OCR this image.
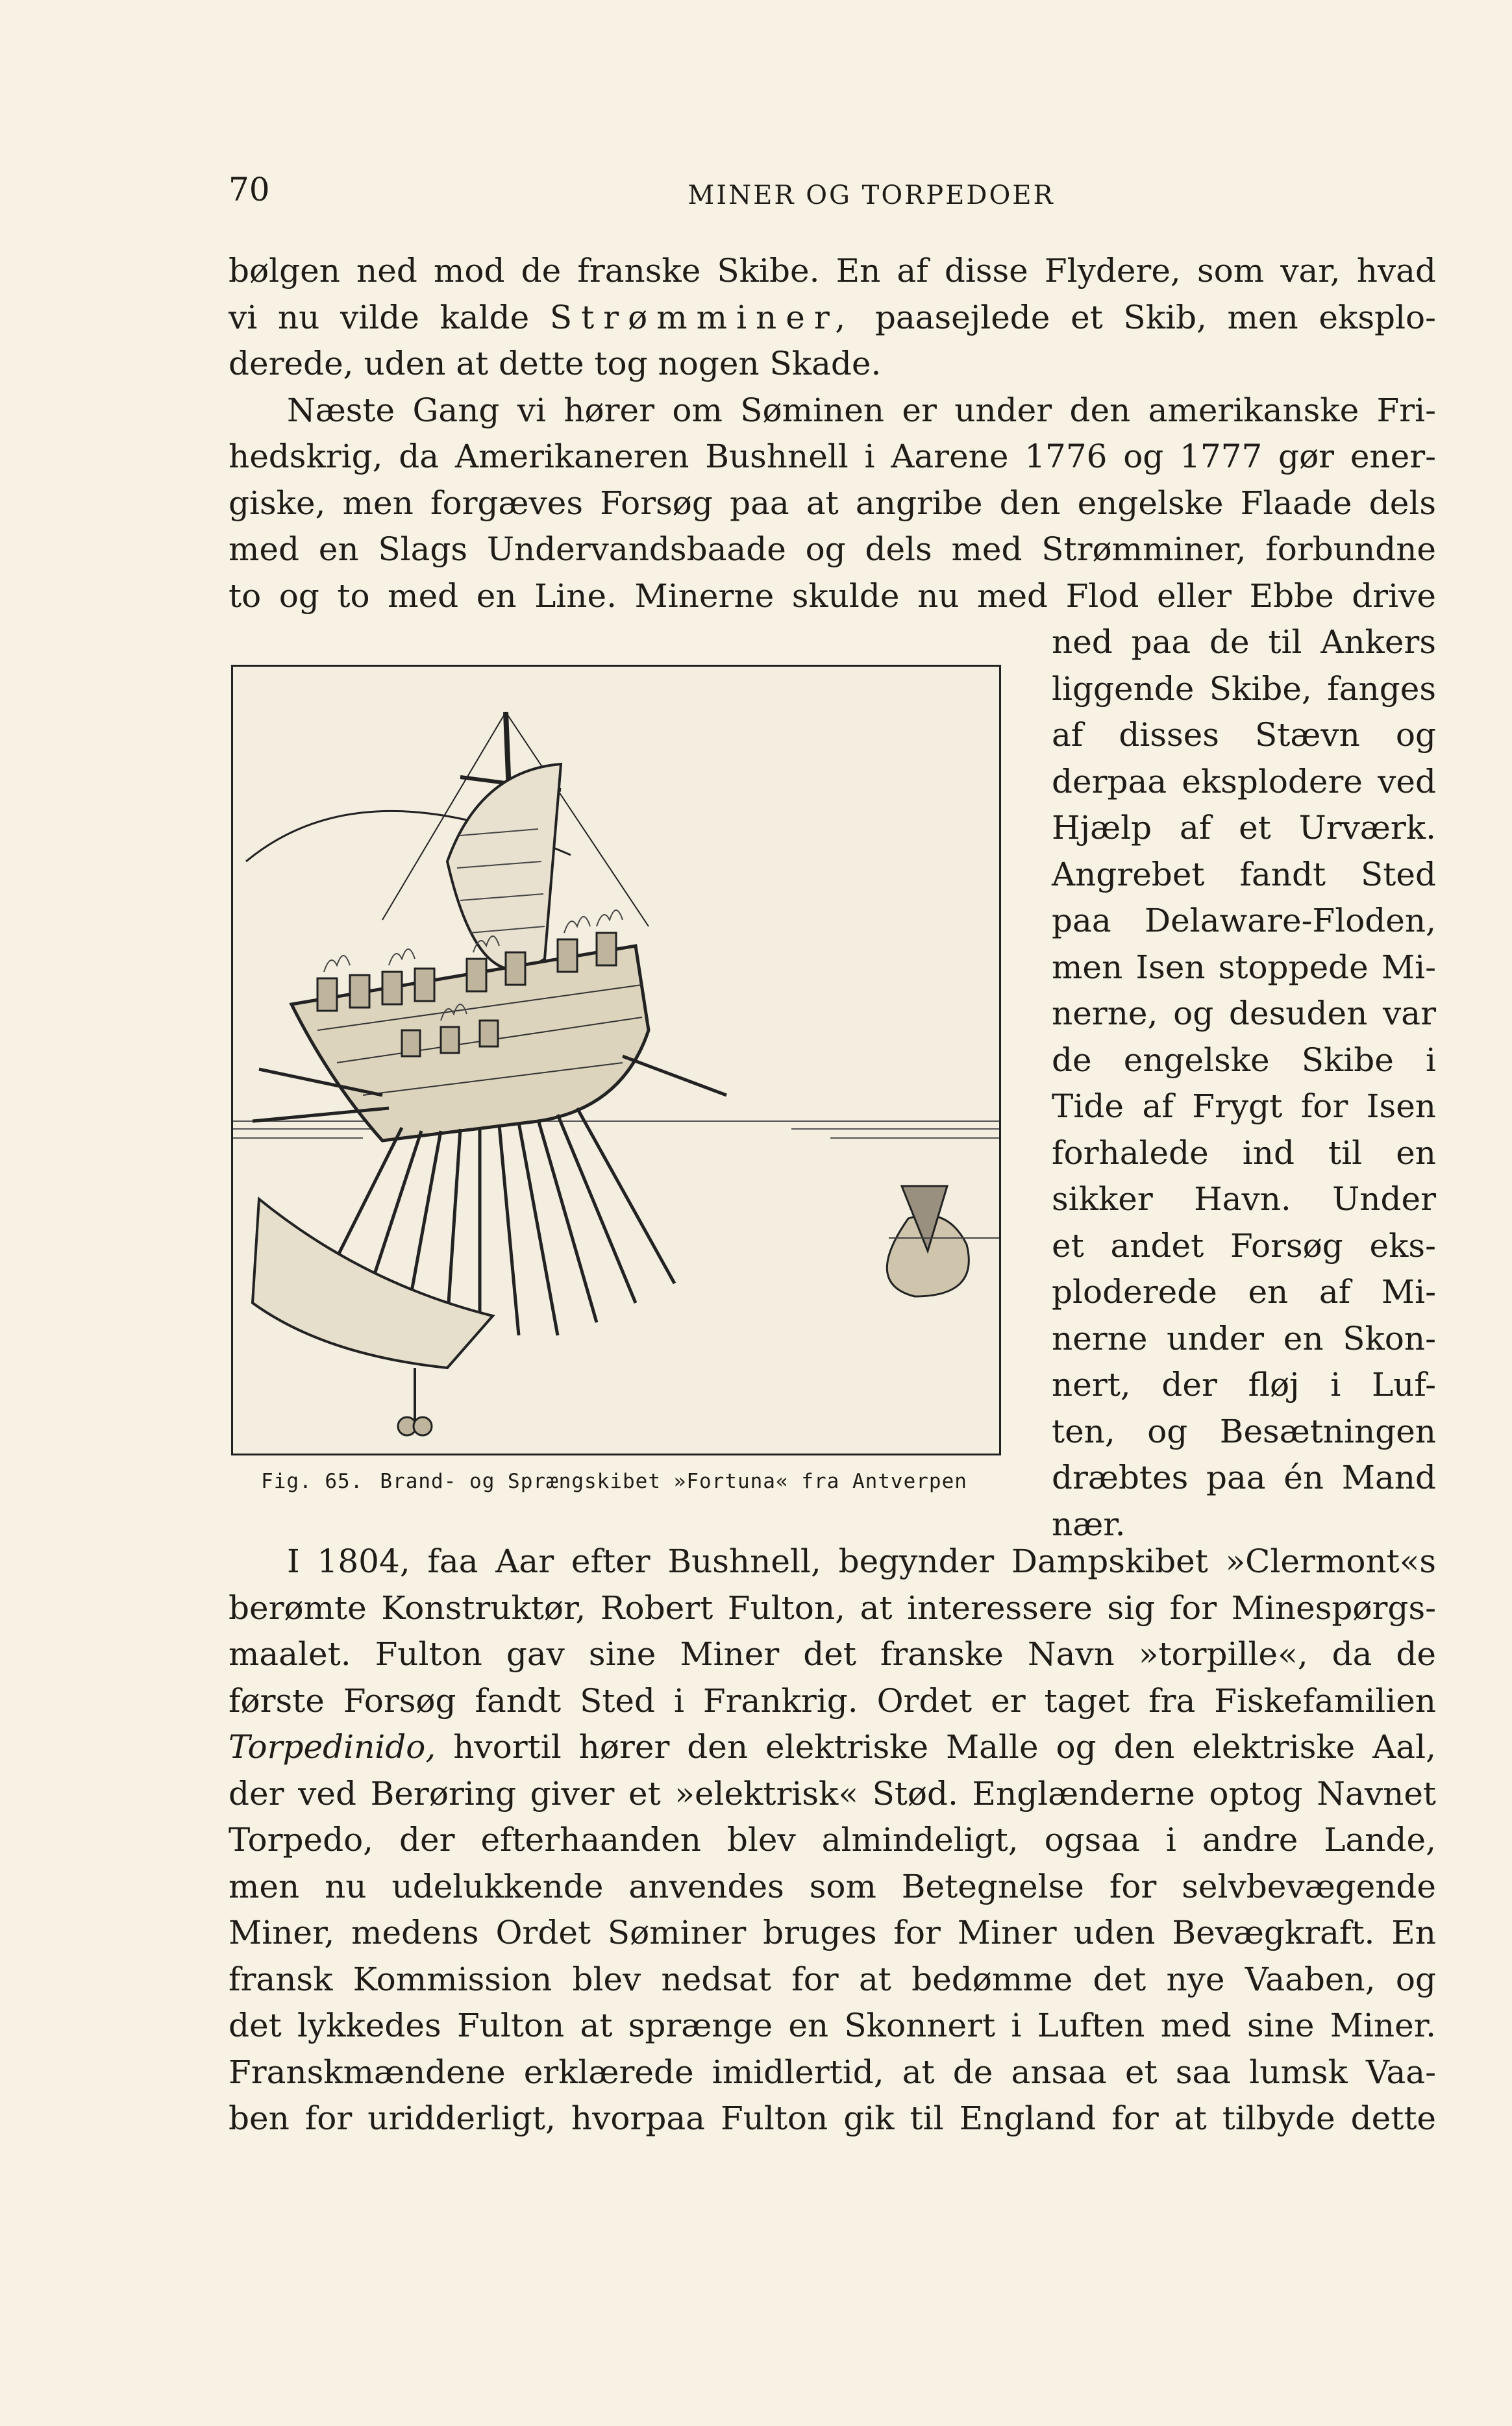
70	MINER OG TORPEDOER
bølgen ned mod de franske Skibe. En af disse Flydere, som var, hvad
vi nu vilde kalde Strømminer, paasejlede et Skib, men eksplo-
derede, uden at dette tog nogen Skade.
Næste Gang vi hører om Søminen er under den amerikanske Fri-
hedskrig, da Amerikaneren Bushnell i Aarene 1776 og 1777 gør ener-
giske, men forgæves Forsøg paa at angribe den engelske Flaade dels
med en Slags Undervandsbaade og dels med Strømminer, forbundne
to og to med en Line. Minerne skulde nu med Flod eller Ebbe drive
ned paa de til Ankers
liggende Skibe, fanges
af disses Stævn og
derpaa eksplodere ved
Hjælp af et Urværk.
Angrebet fandt Sted
paa Delaware-Floden,
men Isen stoppede Mi-
nerne, og desuden var
de engelske Skibe i
Tide af Frygt for Isen
forhalede ind til en
sikker Havn. Under
et andet Forsøg eks-
ploderede en af Mi-
nerne under en Skon-
nert, der fløj i Luf-
ten, og Besætningen
dræbtes paa én Mand
nær.
Fig. 65. Brand- og Sprængskibet »Fortuna« fra Antverpen
I 1804, faa Aar efter Bushnell, begynder Dampskibet »Clermont«s
berømte Konstruktør, Robert Fulton, at interessere sig for Minespørgs-
maalet. Fulton gav sine Miner det franske Navn »torpille«, da de
første Forsøg fandt Sted i Frankrig. Ordet er taget fra Fiskefamilien
Torpedinido, hvortil hører den elektriske Malle og den elektriske Aal,
der ved Berøring giver et »elektrisk« Stød. Englænderne optog Navnet
Torpedo, der efterhaanden blev almindeligt, ogsaa i andre Lande,
men nu udelukkende anvendes som Betegnelse for selvbevægende
Miner, medens Ordet Søminer bruges for Miner uden Bevægkraft. En
fransk Kommission blev nedsat for at bedømme det nye Vaaben, og
det lykkedes Fulton at sprænge en Skonnert i Luften med sine Miner.
Franskmændene erklærede imidlertid, at de ansaa et saa lumsk Vaa-
ben for uridderligt, hvorpaa Fulton gik til England for at tilbyde dette
